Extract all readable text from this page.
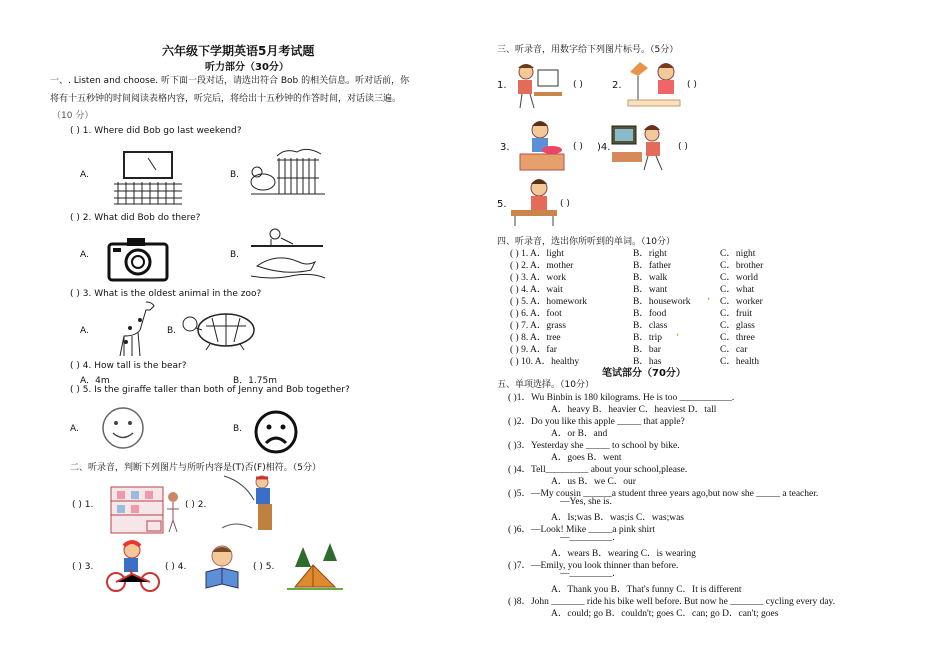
六年级下学期英语5月考试题
听力部分（30分）
一、. Listen and choose. 听下面一段对话，请选出符合 Bob 的相关信息。听对话前，你
将有十五秒钟的时间阅读表格内容，听完后，将给出十五秒钟的作答时间，对话读三遍。
（10 分）
( ) 1. Where did Bob go last weekend?
A.	B.
( ) 2. What did Bob do there?
A.	B.
( ) 3. What is the oldest animal in the zoo?
A.	B.
( ) 4. How tall is the bear?
A．4m	B．1.75m
( ) 5. Is the giraffe taller than both of Jenny and Bob together?
A.	B.
二、听录音，判断下列图片与所听内容是(T)否(F)相符。（5分）
( ) 1.	( ) 2.
( ) 3.	( ) 4.	( ) 5.
三、听录音，用数字给下列图片标号。（5分）
1.	( )	2.	( )
3.	( ) )4.	( )
5.	( )
四、听录音，选出你所听到的单词。（10分）
( ) 1. A．light	B．right	C．night
( ) 2. A．mother	B．father	C．brother
( ) 3. A．work	B．walk	C．world
( ) 4. A．wait	B．want	C．what
( ) 5. A．homework	B．housework	C．worker
( ) 6. A．foot	B．food	C．fruit
( ) 7. A．grass	B．class	C．glass
( ) 8. A．tree	B．trip	C．three
( ) 9. A．far	B．bar	C．car
( ) 10. A．healthy	B．has	C．health
,
,
笔试部分（70分）
五、单项选择。（10分）
( )1．Wu Binbin is 180 kilograms. He is too ___________.
A．heavy B．heavier C．heaviest D．tall
( )2．Do you like this apple _____ that apple?
A．or B．and
( )3．Yesterday she _____ to school by bike.
A．goes B．went
( )4．Tell_________ about your school,please.
A．us B．we C．our
( )5．—My cousin ______a student three years ago,but now she _____ a teacher.
—Yes, she is.
A．Is;was B．was;is C．was;was
( )6．—Look! Mike _____a pink shirt
—_________.
A．wears B．wearing C．is wearing
( )7．—Emily, you look thinner than before.
—_________.
A．Thank you B．That's funny C．It is different
( )8．John _______ ride his bike well before. But now he _______ cycling every day.
A．could; go B．couldn't; goes C．can; go D．can't; goes
